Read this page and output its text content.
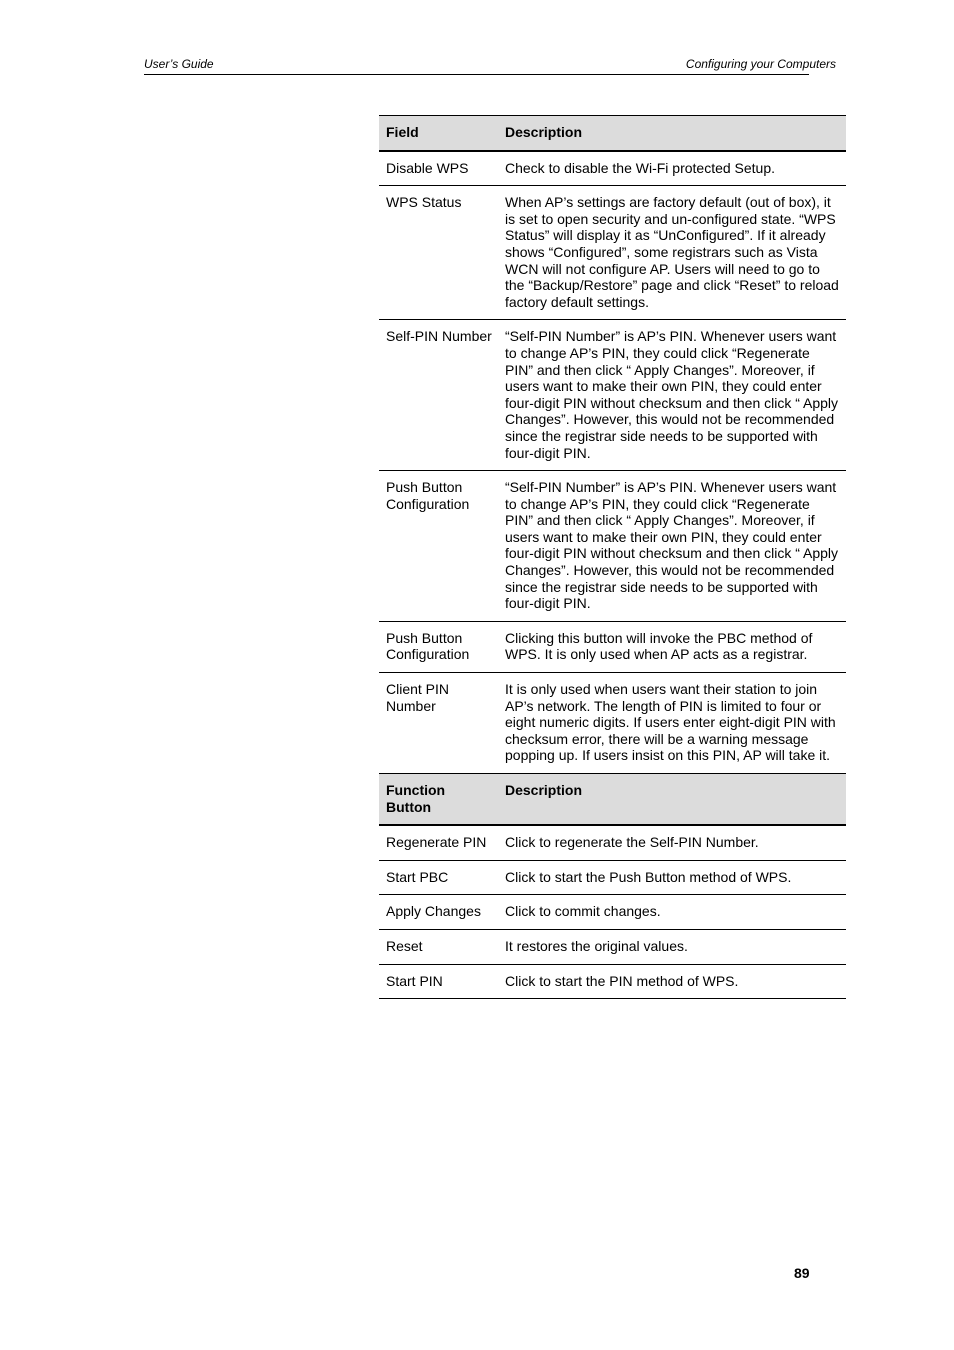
User’s Guide	Configuring your Computers
Field	Description
Disable WPS	Check to disable the Wi-Fi protected Setup.
WPS Status	When AP’s settings are factory default (out of box), it is set to open security and un-configured state. “WPS Status” will display it as “UnConfigured”. If it already shows “Configured”, some registrars such as Vista WCN will not configure AP. Users will need to go to the “Backup/Restore” page and click “Reset” to reload factory default settings.
Self-PIN Number	“Self-PIN Number” is AP’s PIN. Whenever users want to change AP’s PIN, they could click “Regenerate PIN” and then click “ Apply Changes”. Moreover, if users want to make their own PIN, they could enter four-digit PIN without checksum and then click “ Apply Changes”. However, this would not be recommended since the registrar side needs to be supported with four-digit PIN.
Push Button Configuration	“Self-PIN Number” is AP’s PIN. Whenever users want to change AP’s PIN, they could click “Regenerate PIN” and then click “ Apply Changes”. Moreover, if users want to make their own PIN, they could enter four-digit PIN without checksum and then click “ Apply Changes”. However, this would not be recommended since the registrar side needs to be supported with four-digit PIN.
Push Button Configuration	Clicking this button will invoke the PBC method of WPS. It is only used when AP acts as a registrar.
Client PIN Number	It is only used when users want their station to join AP’s network. The length of PIN is limited to four or eight numeric digits. If users enter eight-digit PIN with checksum error, there will be a warning message popping up. If users insist on this PIN, AP will take it.
Function Button	Description
Regenerate PIN	Click to regenerate the Self-PIN Number.
Start PBC	Click to start the Push Button method of WPS.
Apply Changes	Click to commit changes.
Reset	It restores the original values.
Start PIN	Click to start the PIN method of WPS.
89
